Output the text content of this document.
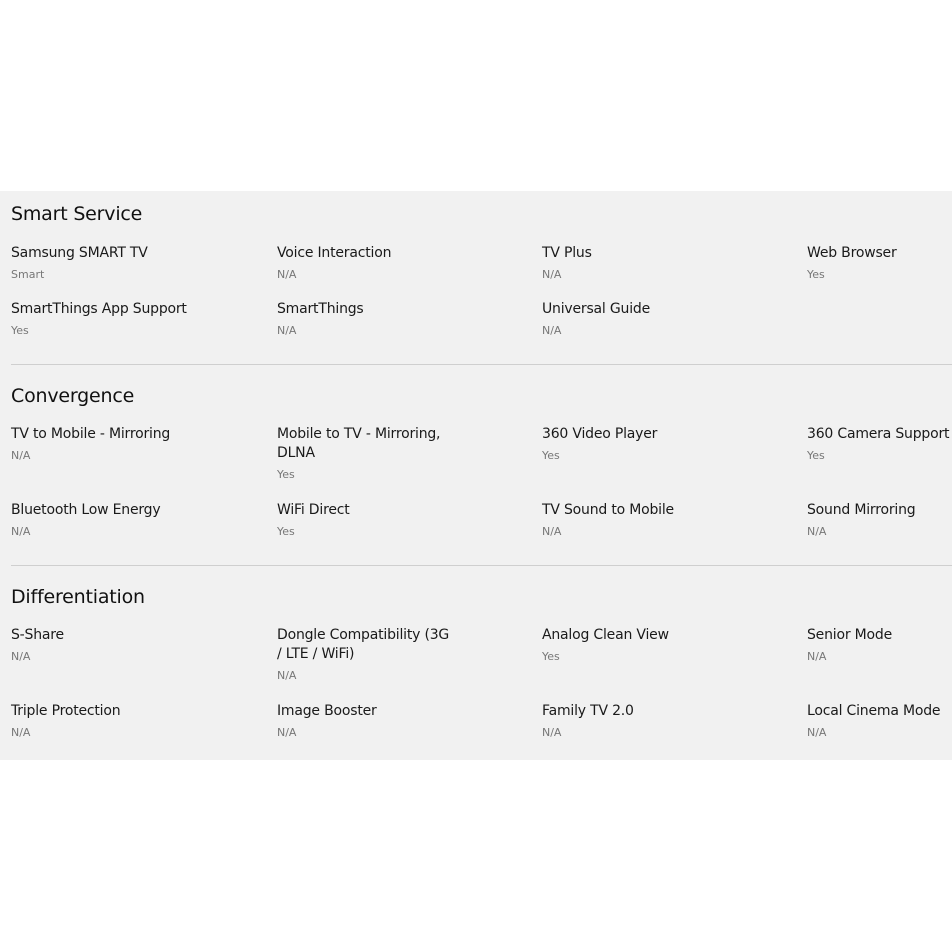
Smart Service
Samsung SMART TV
Smart
Voice Interaction
N/A
TV Plus
N/A
Web Browser
Yes
SmartThings App Support
Yes
SmartThings
N/A
Universal Guide
N/A
Convergence
TV to Mobile - Mirroring
N/A
Mobile to TV - Mirroring, DLNA
Yes
360 Video Player
Yes
360 Camera Support
Yes
Bluetooth Low Energy
N/A
WiFi Direct
Yes
TV Sound to Mobile
N/A
Sound Mirroring
N/A
Differentiation
S-Share
N/A
Dongle Compatibility (3G / LTE / WiFi)
N/A
Analog Clean View
Yes
Senior Mode
N/A
Triple Protection
N/A
Image Booster
N/A
Family TV 2.0
N/A
Local Cinema Mode
N/A
